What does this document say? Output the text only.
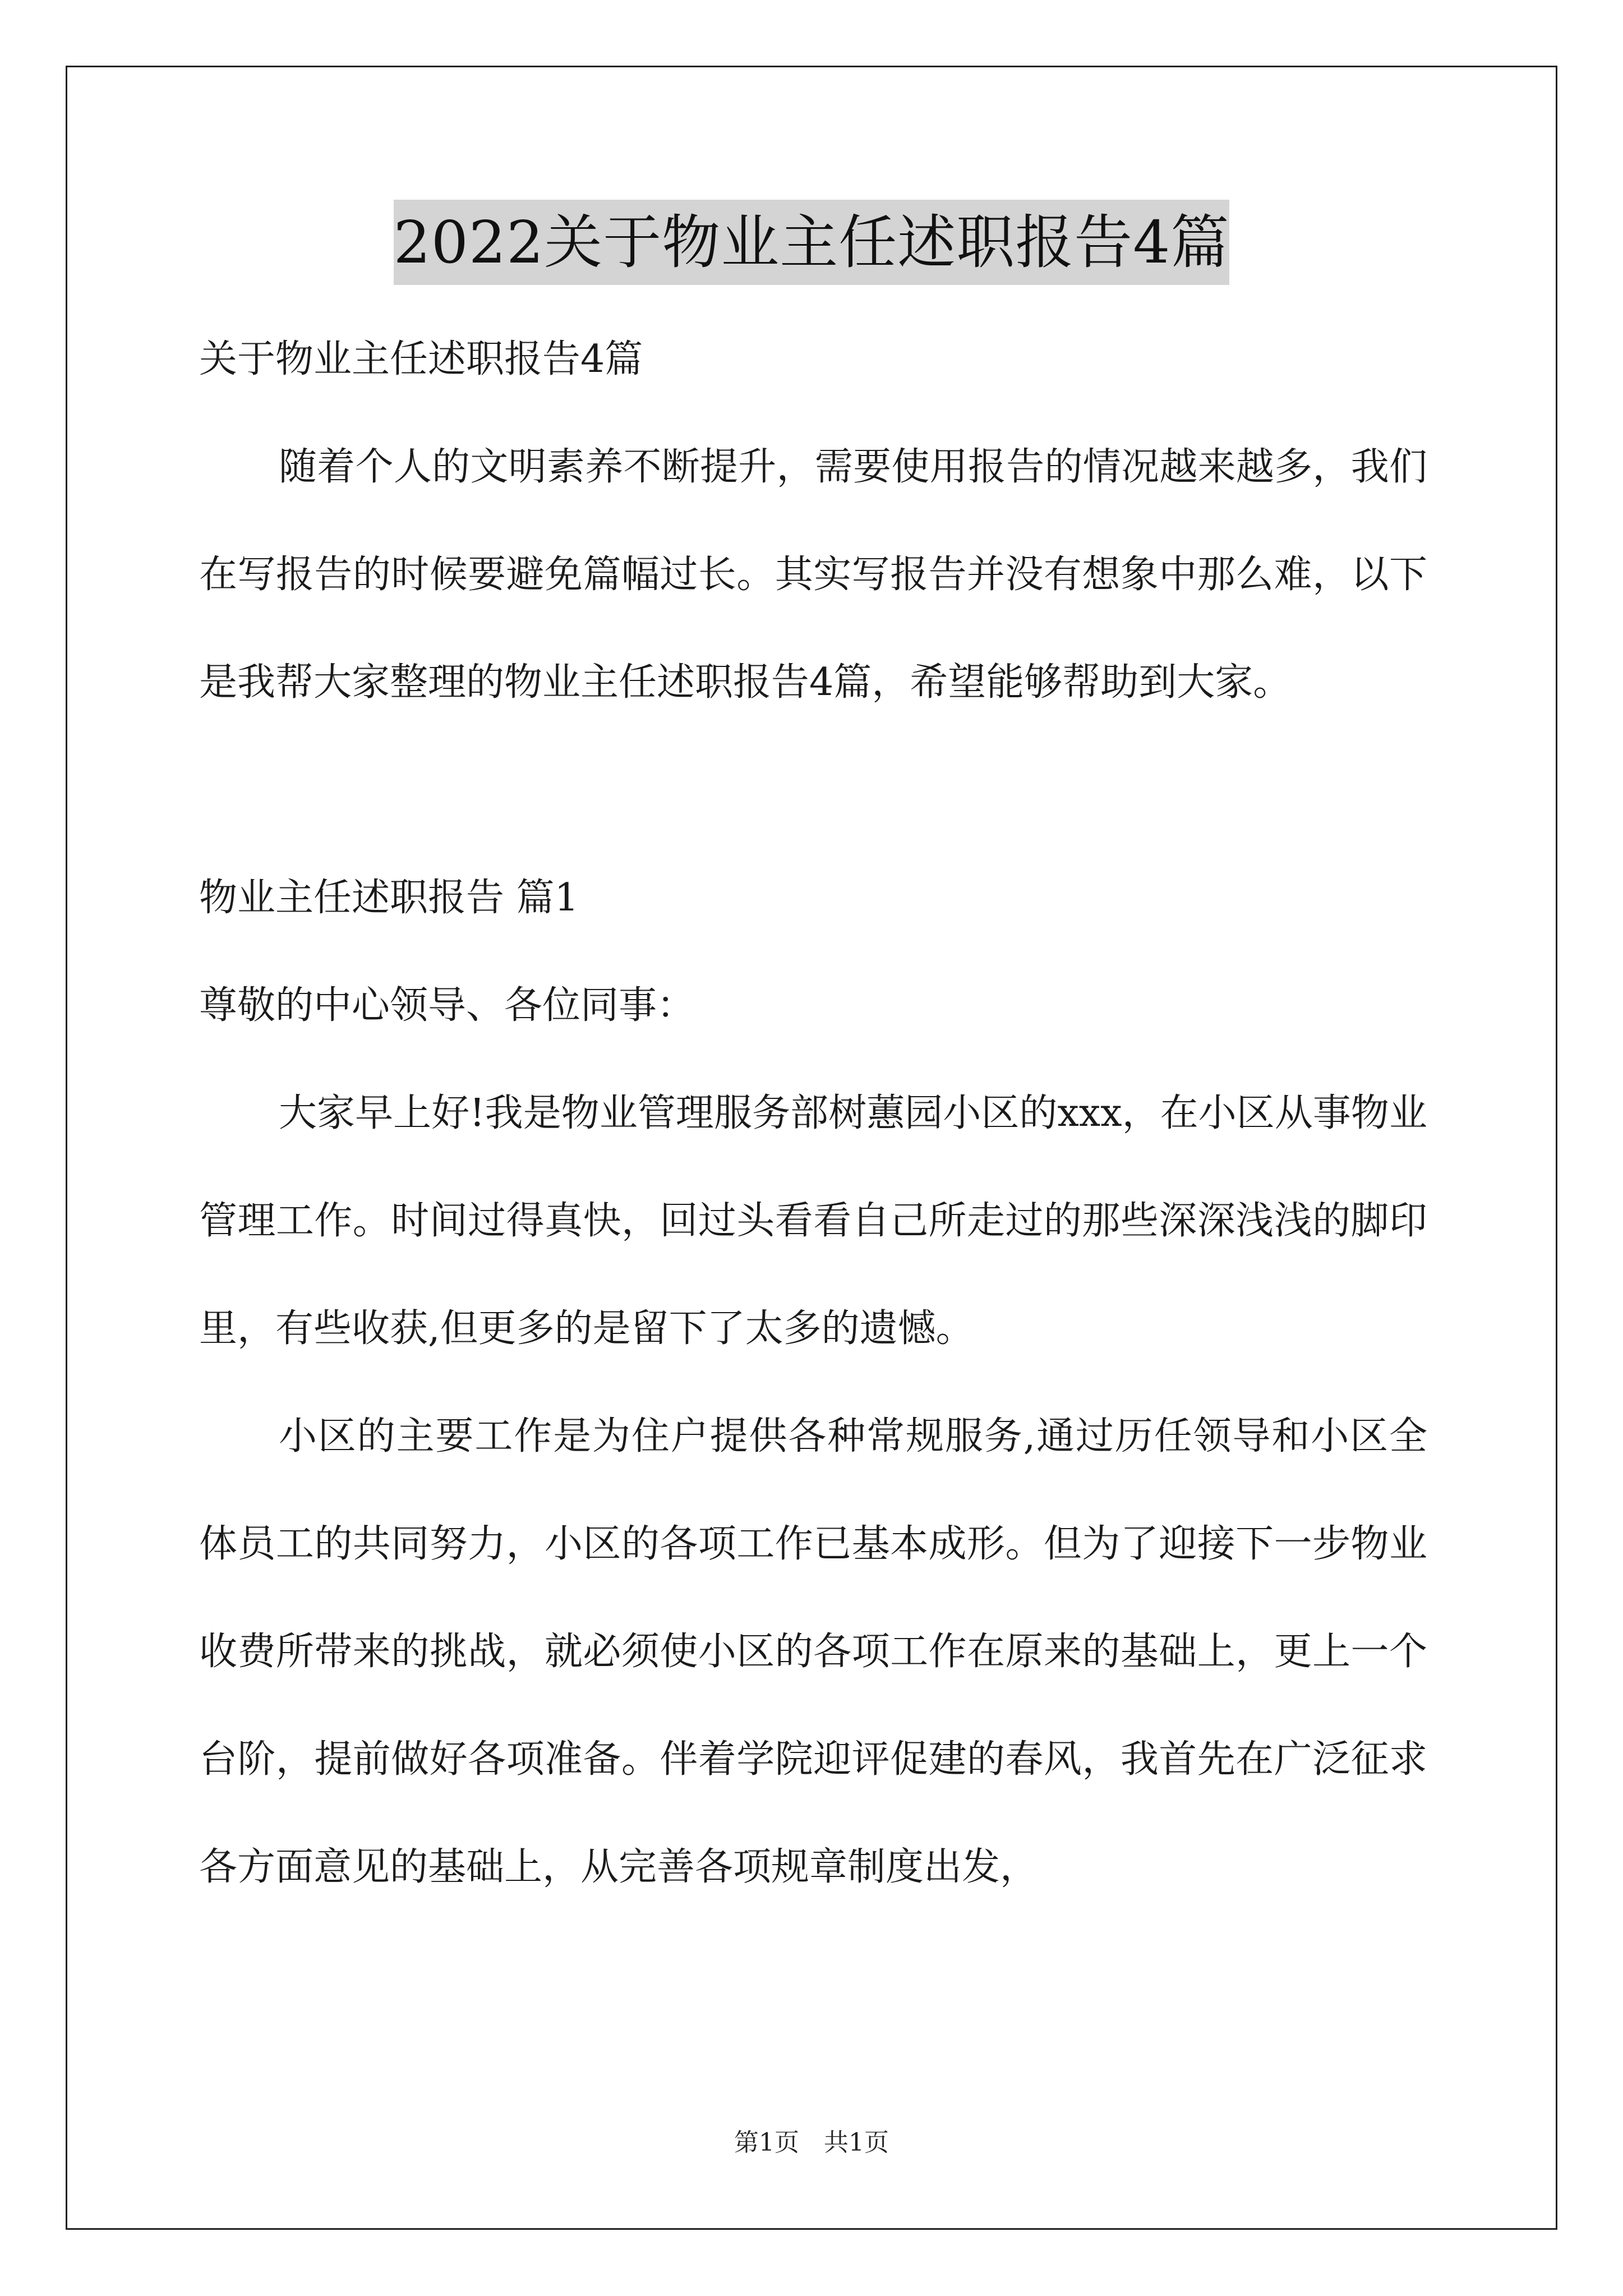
2022关于物业主任述职报告4篇

关于物业主任述职报告4篇

随着个人的文明素养不断提升，需要使用报告的情况越来越多，我们在写报告的时候要避免篇幅过长。其实写报告并没有想象中那么难，以下是我帮大家整理的物业主任述职报告4篇，希望能够帮助到大家。

物业主任述职报告 篇1

尊敬的中心领导、各位同事：

大家早上好!我是物业管理服务部树蕙园小区的xxx，在小区从事物业管理工作。时间过得真快，回过头看看自己所走过的那些深深浅浅的脚印里，有些收获,但更多的是留下了太多的遗憾。

小区的主要工作是为住户提供各种常规服务,通过历任领导和小区全体员工的共同努力，小区的各项工作已基本成形。但为了迎接下一步物业收费所带来的挑战，就必须使小区的各项工作在原来的基础上，更上一个台阶，提前做好各项准备。伴着学院迎评促建的春风，我首先在广泛征求各方面意见的基础上，从完善各项规章制度出发，

第1页 共1页
